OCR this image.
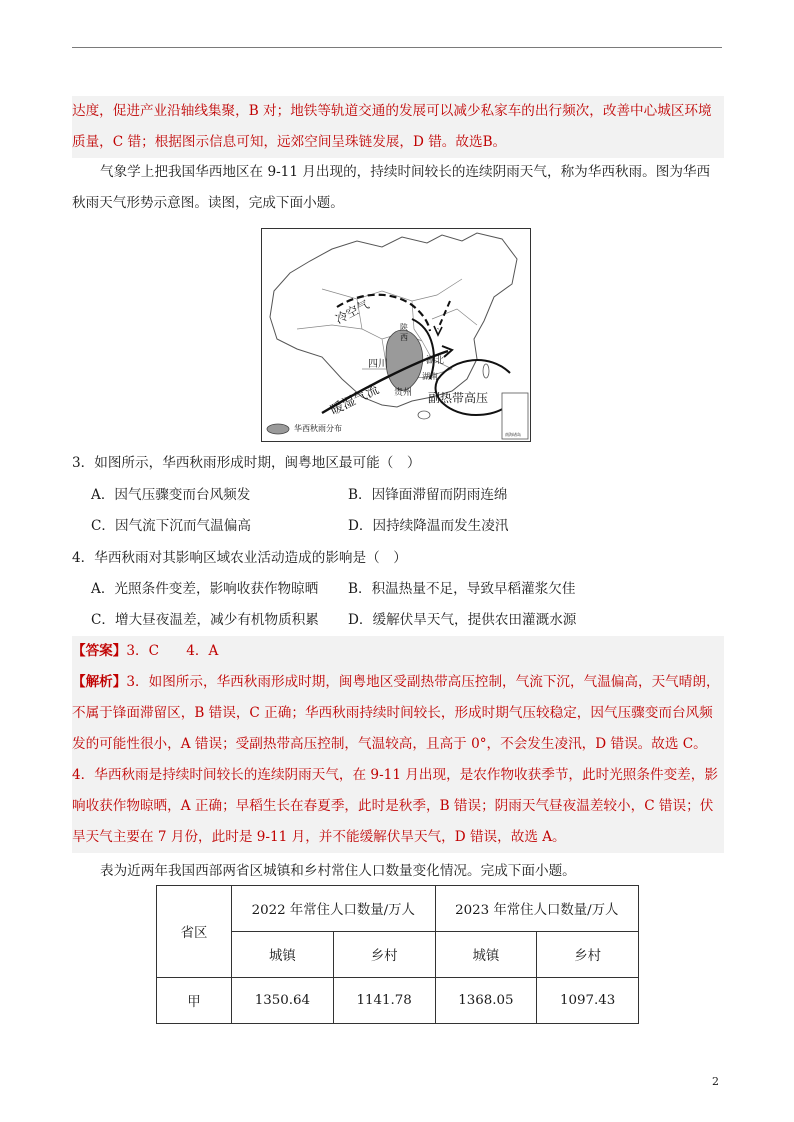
达度，促进产业沿轴线集聚，B 对；地铁等轨道交通的发展可以减少私家车的出行频次，改善中心城区环境
质量，C 错；根据图示信息可知，远郊空间呈珠链发展，D 错。故选B。
气象学上把我国华西地区在 9-11 月出现的，持续时间较长的连续阴雨天气，称为华西秋雨。图为华西
秋雨天气形势示意图。读图，完成下面小题。
冷空气
陕西
四川	湖北
湖南
贵州
暖湿气流	副热带高压
华西秋雨分布
南海诸岛
3．如图所示，华西秋雨形成时期，闽粤地区最可能（　）
A．因气压骤变而台风频发	B．因锋面滞留而阴雨连绵
C．因气流下沉而气温偏高	D．因持续降温而发生凌汛
4．华西秋雨对其影响区域农业活动造成的影响是（　）
A．光照条件变差，影响收获作物晾晒 B．积温热量不足，导致早稻灌浆欠佳
C．增大昼夜温差，减少有机物质积累 D．缓解伏旱天气，提供农田灌溉水源
【答案】3．C　　4．A
【解析】3．如图所示，华西秋雨形成时期，闽粤地区受副热带高压控制，气流下沉，气温偏高，天气晴朗，
不属于锋面滞留区，B 错误，C 正确；华西秋雨持续时间较长，形成时期气压较稳定，因气压骤变而台风频
发的可能性很小，A 错误；受副热带高压控制，气温较高，且高于 0°，不会发生凌汛，D 错误。故选 C。
4．华西秋雨是持续时间较长的连续阴雨天气，在 9-11 月出现，是农作物收获季节，此时光照条件变差，影
响收获作物晾晒，A 正确；早稻生长在春夏季，此时是秋季，B 错误；阴雨天气昼夜温差较小，C 错误；伏
旱天气主要在 7 月份，此时是 9-11 月，并不能缓解伏旱天气，D 错误，故选 A。
表为近两年我国西部两省区城镇和乡村常住人口数量变化情况。完成下面小题。
省区	2022 年常住人口数量/万人		2023 年常住人口数量/万人	
	城镇	乡村	城镇	乡村
甲	1350.64	1141.78	1368.05	1097.43
2
